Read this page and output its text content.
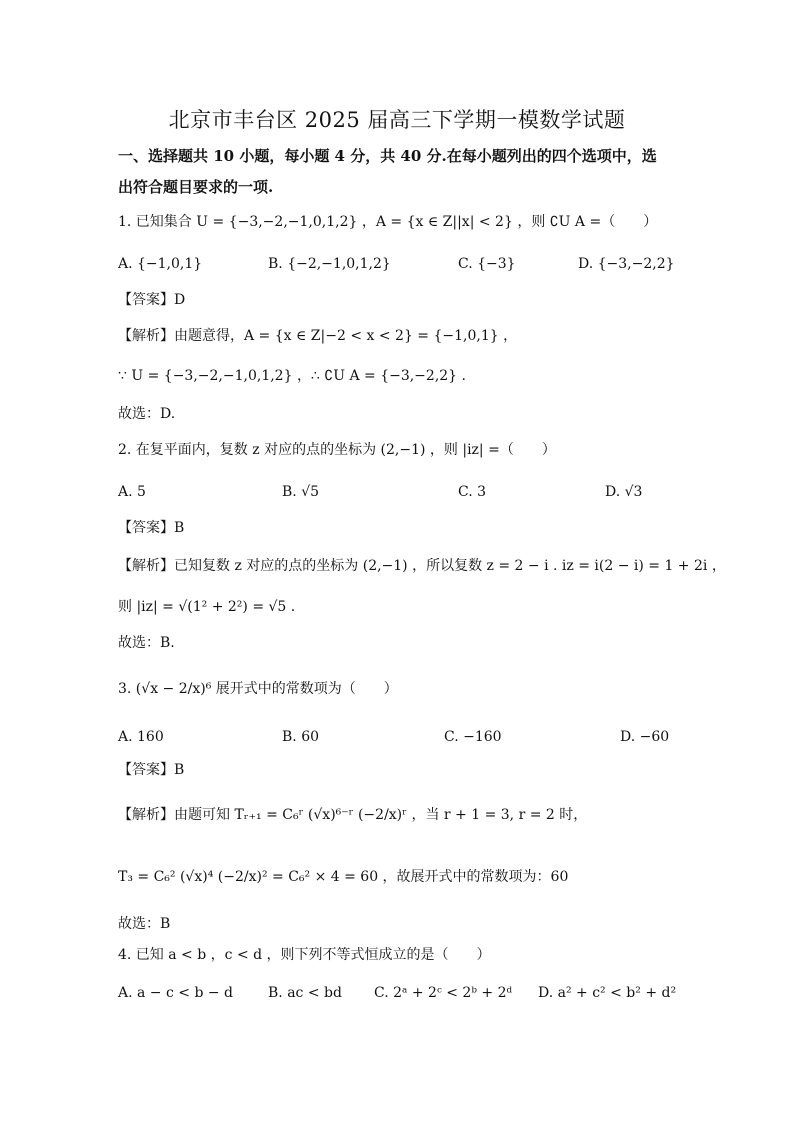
北京市丰台区 2025 届高三下学期一模数学试题
一、选择题共 10 小题，每小题 4 分，共 40 分.在每小题列出的四个选项中，选
出符合题目要求的一项.
1. 已知集合 U = {−3,−2,−1,0,1,2} ，A = {x ∈ Z||x| < 2} ，则 ∁U A =（　　）
A. {−1,0,1}	B. {−2,−1,0,1,2}	C. {−3}	D. {−3,−2,2}
【答案】D
【解析】由题意得，A = {x ∈ Z|−2 < x < 2} = {−1,0,1} ，
∵ U = {−3,−2,−1,0,1,2} ，∴ ∁U A = {−3,−2,2} .
故选：D.
2. 在复平面内，复数 z 对应的点的坐标为 (2,−1) ，则 |iz| =（　　）
A. 5	B. √5	C. 3	D. √3
【答案】B
【解析】已知复数 z 对应的点的坐标为 (2,−1) ，所以复数 z = 2 − i . iz = i(2 − i) = 1 + 2i ，
则 |iz| = √(1² + 2²) = √5 .
故选：B.
3. (√x − 2/x)⁶ 展开式中的常数项为（　　）
A. 160	B. 60	C. −160	D. −60
【答案】B
【解析】由题可知 Tᵣ₊₁ = C₆ʳ (√x)⁶⁻ʳ (−2/x)ʳ ，当 r + 1 = 3, r = 2 时，
T₃ = C₆² (√x)⁴ (−2/x)² = C₆² × 4 = 60 ，故展开式中的常数项为：60
故选：B
4. 已知 a < b ，c < d ，则下列不等式恒成立的是（　　）
A. a − c < b − d B. ac < bd C. 2ᵃ + 2ᶜ < 2ᵇ + 2ᵈ D. a² + c² < b² + d²
